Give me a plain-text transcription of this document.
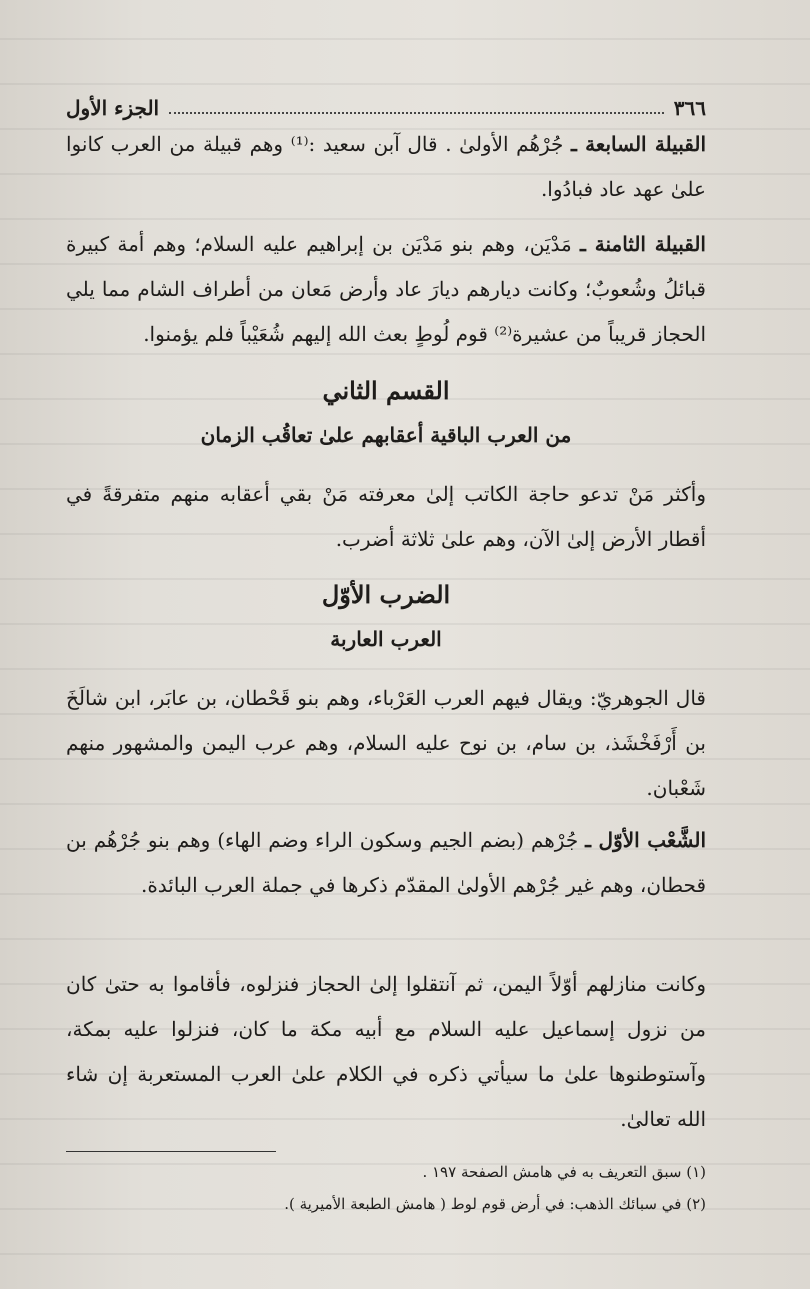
٣٦٦
الجزء الأول

القبيلة السابعة ـ جُرْهُم الأولىٰ . قال آبن سعيد :⁽¹⁾ وهم قبيلة من العرب كانوا علىٰ عهد عاد فبادُوا.

القبيلة الثامنة ـ مَدْيَن، وهم بنو مَدْيَن بن إبراهيم عليه السلام؛ وهم أمة كبيرة قبائلُ وشُعوبٌ؛ وكانت ديارهم ديارَ عاد وأرض مَعان من أطراف الشام مما يلي الحجاز قريباً من عشيرة⁽²⁾ قوم لُوطٍ بعث الله إليهم شُعَيْباً فلم يؤمنوا.

القسم الثاني
من العرب الباقية أعقابهم علىٰ تعاقُب الزمان

وأكثر مَنْ تدعو حاجة الكاتب إلىٰ معرفته مَنْ بقي أعقابه منهم متفرقةً في أقطار الأرض إلىٰ الآن، وهم علىٰ ثلاثة أضرب.

الضرب الأوّل
العرب العاربة

قال الجوهريّ: ويقال فيهم العرب العَرْباء، وهم بنو قَحْطان، بن عابَر، ابن شالَخَ بن أَرْفَخْشَذ، بن سام، بن نوح عليه السلام، وهم عرب اليمن والمشهور منهم شَعْبان.

الشَّعْب الأوّل ـ جُرْهم (بضم الجيم وسكون الراء وضم الهاء) وهم بنو جُرْهُم بن قحطان، وهم غير جُرْهم الأولىٰ المقدّم ذكرها في جملة العرب البائدة.

وكانت منازلهم أوّلاً اليمن، ثم آنتقلوا إلىٰ الحجاز فنزلوه، فأقاموا به حتىٰ كان من نزول إسماعيل عليه السلام مع أبيه مكة ما كان، فنزلوا عليه بمكة، وآستوطنوها علىٰ ما سيأتي ذكره في الكلام علىٰ العرب المستعربة إن شاء الله تعالىٰ.

(١) سبق التعريف به في هامش الصفحة ١٩٧ .
(٢) في سبائك الذهب: في أرض قوم لوط ( هامش الطبعة الأميرية ).
